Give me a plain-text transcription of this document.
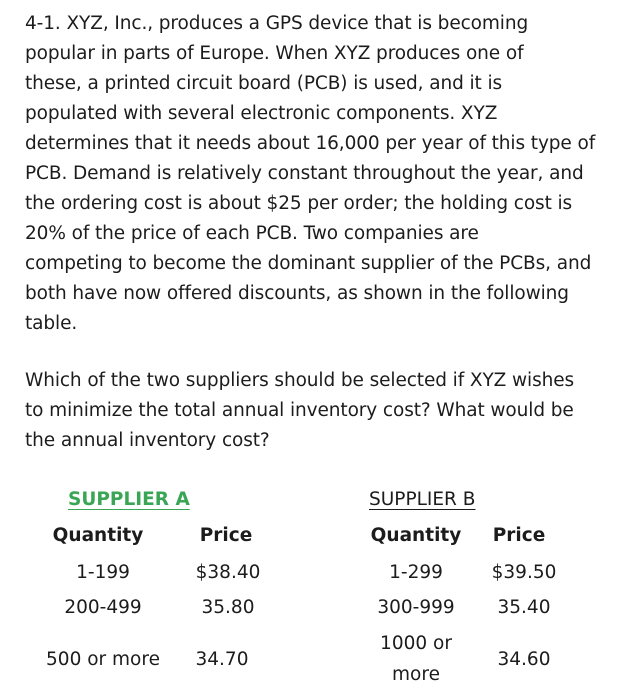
4-1. XYZ, Inc., produces a GPS device that is becoming
popular in parts of Europe. When XYZ produces one of
these, a printed circuit board (PCB) is used, and it is
populated with several electronic components. XYZ
determines that it needs about 16,000 per year of this type of
PCB. Demand is relatively constant throughout the year, and
the ordering cost is about $25 per order; the holding cost is
20% of the price of each PCB. Two companies are
competing to become the dominant supplier of the PCBs, and
both have now offered discounts, as shown in the following
table.

Which of the two suppliers should be selected if XYZ wishes
to minimize the total annual inventory cost? What would be
the annual inventory cost?

SUPPLIER A
Quantity	Price
1-199	$38.40
200-499	35.80
500 or more 34.70
SUPPLIER B
Quantity Price
1-299	$39.50
300-999 35.40
1000 or
more
34.60
